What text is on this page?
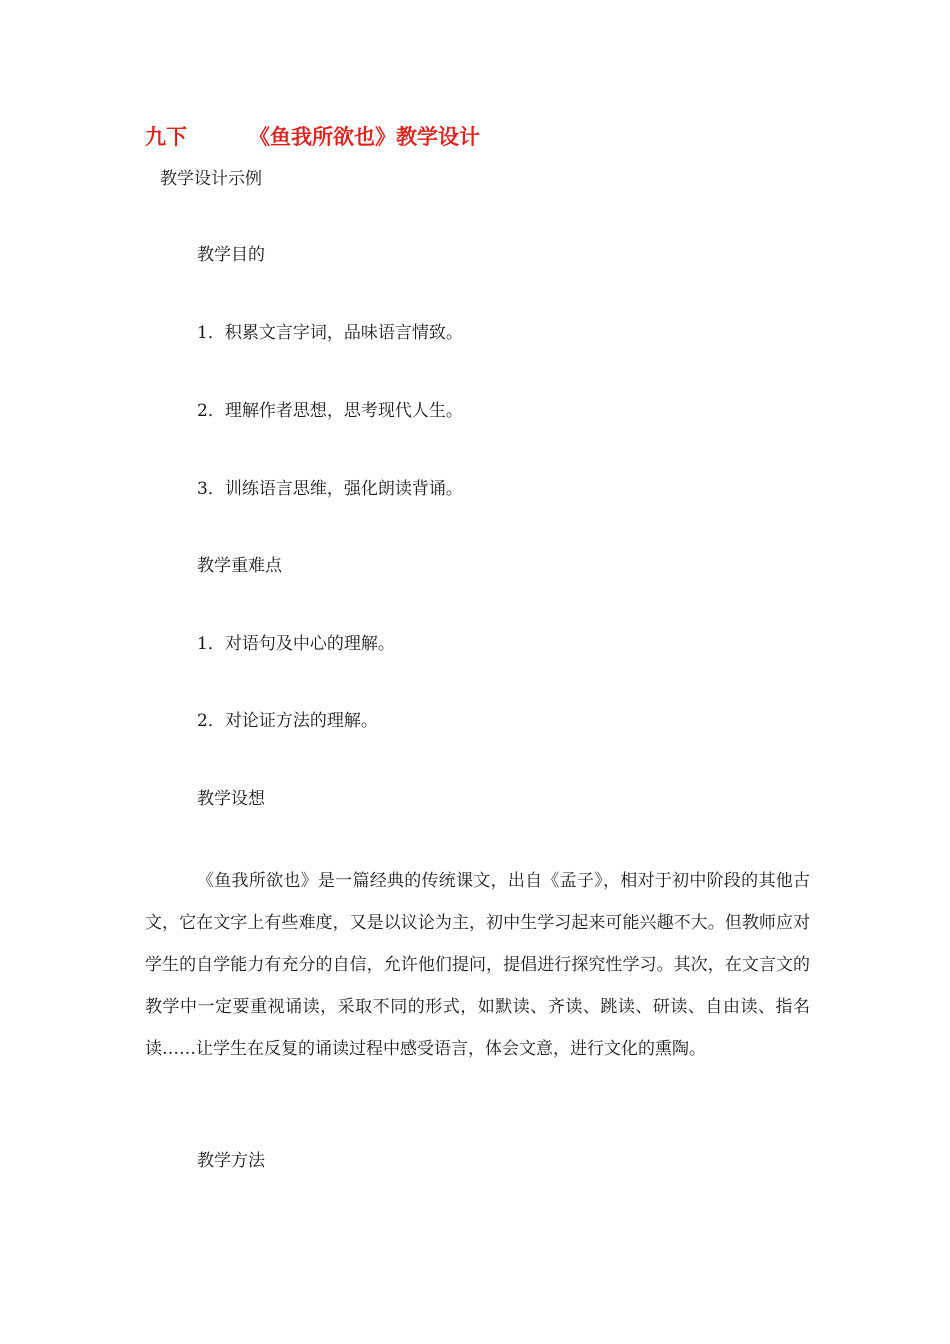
九下	《鱼我所欲也》教学设计
教学设计示例
教学目的
1．积累文言字词，品味语言情致。
2．理解作者思想，思考现代人生。
3．训练语言思维，强化朗读背诵。
教学重难点
1．对语句及中心的理解。
2．对论证方法的理解。
教学设想
《鱼我所欲也》是一篇经典的传统课文，出自《孟子》，相对于初中阶段的其他古文，它在文字上有些难度，又是以议论为主，初中生学习起来可能兴趣不大。但教师应对学生的自学能力有充分的自信，允许他们提问，提倡进行探究性学习。其次，在文言文的教学中一定要重视诵读，采取不同的形式，如默读、齐读、跳读、研读、自由读、指名读……让学生在反复的诵读过程中感受语言，体会文意，进行文化的熏陶。
教学方法
